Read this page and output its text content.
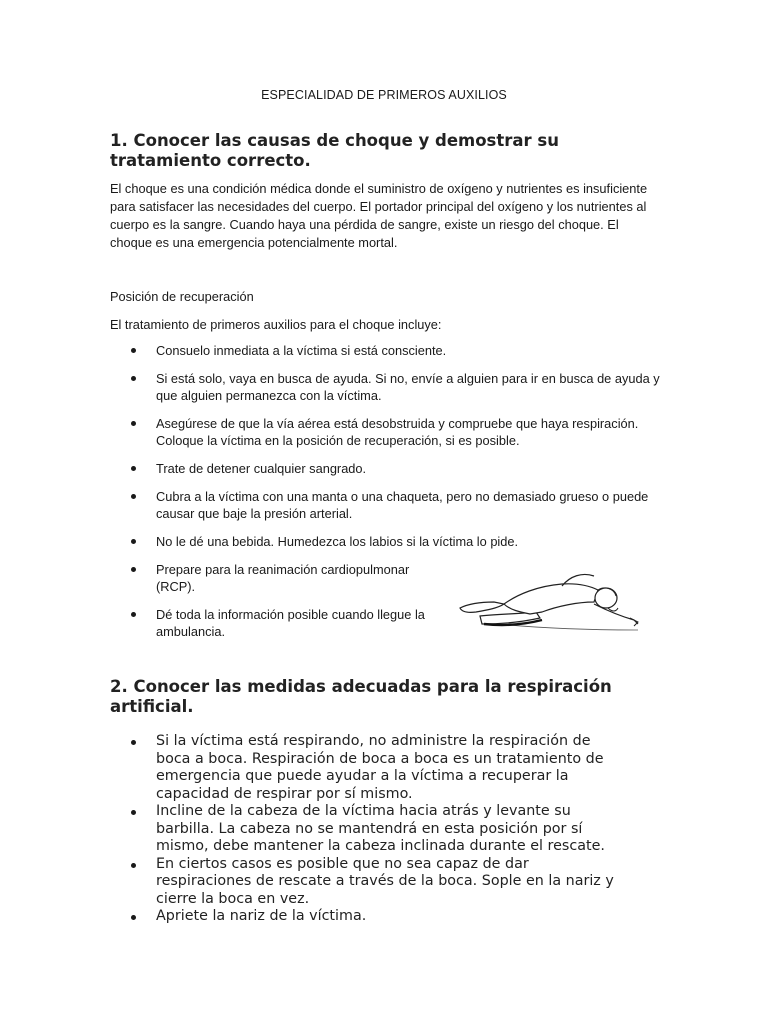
ESPECIALIDAD DE PRIMEROS AUXILIOS
1. Conocer las causas de choque y demostrar su
tratamiento correcto.
El choque es una condición médica donde el suministro de oxígeno y nutrientes es insuficiente
para satisfacer las necesidades del cuerpo. El portador principal del oxígeno y los nutrientes al
cuerpo es la sangre. Cuando haya una pérdida de sangre, existe un riesgo del choque. El
choque es una emergencia potencialmente mortal.
Posición de recuperación
El tratamiento de primeros auxilios para el choque incluye:
Consuelo inmediata a la víctima si está consciente.
Si está solo, vaya en busca de ayuda. Si no, envíe a alguien para ir en busca de ayuda y
que alguien permanezca con la víctima.
Asegúrese de que la vía aérea está desobstruida y compruebe que haya respiración.
Coloque la víctima en la posición de recuperación, si es posible.
Trate de detener cualquier sangrado.
Cubra a la víctima con una manta o una chaqueta, pero no demasiado grueso o puede
causar que baje la presión arterial.
No le dé una bebida. Humedezca los labios si la víctima lo pide.
Prepare para la reanimación cardiopulmonar
(RCP).
Dé toda la información posible cuando llegue la
ambulancia.
2. Conocer las medidas adecuadas para la respiración
artificial.
Si la víctima está respirando, no administre la respiración de
boca a boca. Respiración de boca a boca es un tratamiento de
emergencia que puede ayudar a la víctima a recuperar la
capacidad de respirar por sí mismo.
Incline de la cabeza de la víctima hacia atrás y levante su
barbilla. La cabeza no se mantendrá en esta posición por sí
mismo, debe mantener la cabeza inclinada durante el rescate.
En ciertos casos es posible que no sea capaz de dar
respiraciones de rescate a través de la boca. Sople en la nariz y
cierre la boca en vez.
Apriete la nariz de la víctima.
